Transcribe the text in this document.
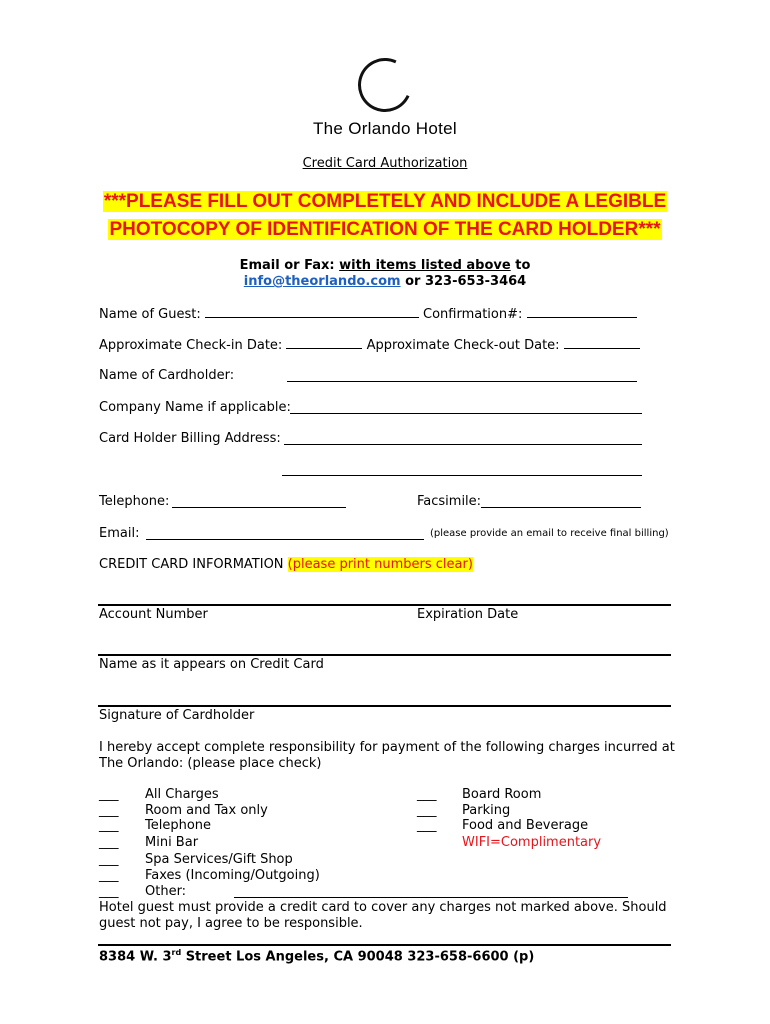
The Orlando Hotel
Credit Card Authorization
***PLEASE FILL OUT COMPLETELY AND INCLUDE A LEGIBLE
PHOTOCOPY OF IDENTIFICATION OF THE CARD HOLDER***
Email or Fax: with items listed above to
info@theorlando.com or 323-653-3464
Name of Guest:	Confirmation#:
Approximate Check-in Date:	Approximate Check-out Date:
Name of Cardholder:
Company Name if applicable:
Card Holder Billing Address:
Telephone:	Facsimile:
Email:	(please provide an email to receive final billing)
CREDIT CARD INFORMATION (please print numbers clear)
Account Number	Expiration Date
Name as it appears on Credit Card
Signature of Cardholder
I hereby accept complete responsibility for payment of the following charges incurred at
The Orlando: (please place check)
___ All Charges
___ Room and Tax only
___ Telephone
___ Mini Bar
___ Spa Services/Gift Shop
___ Faxes (Incoming/Outgoing)
___ Other:
___ Board Room
___ Parking
___ Food and Beverage
WIFI=Complimentary
Hotel guest must provide a credit card to cover any charges not marked above. Should
guest not pay, I agree to be responsible.
8384 W. 3rd Street Los Angeles, CA 90048 323-658-6600 (p)
